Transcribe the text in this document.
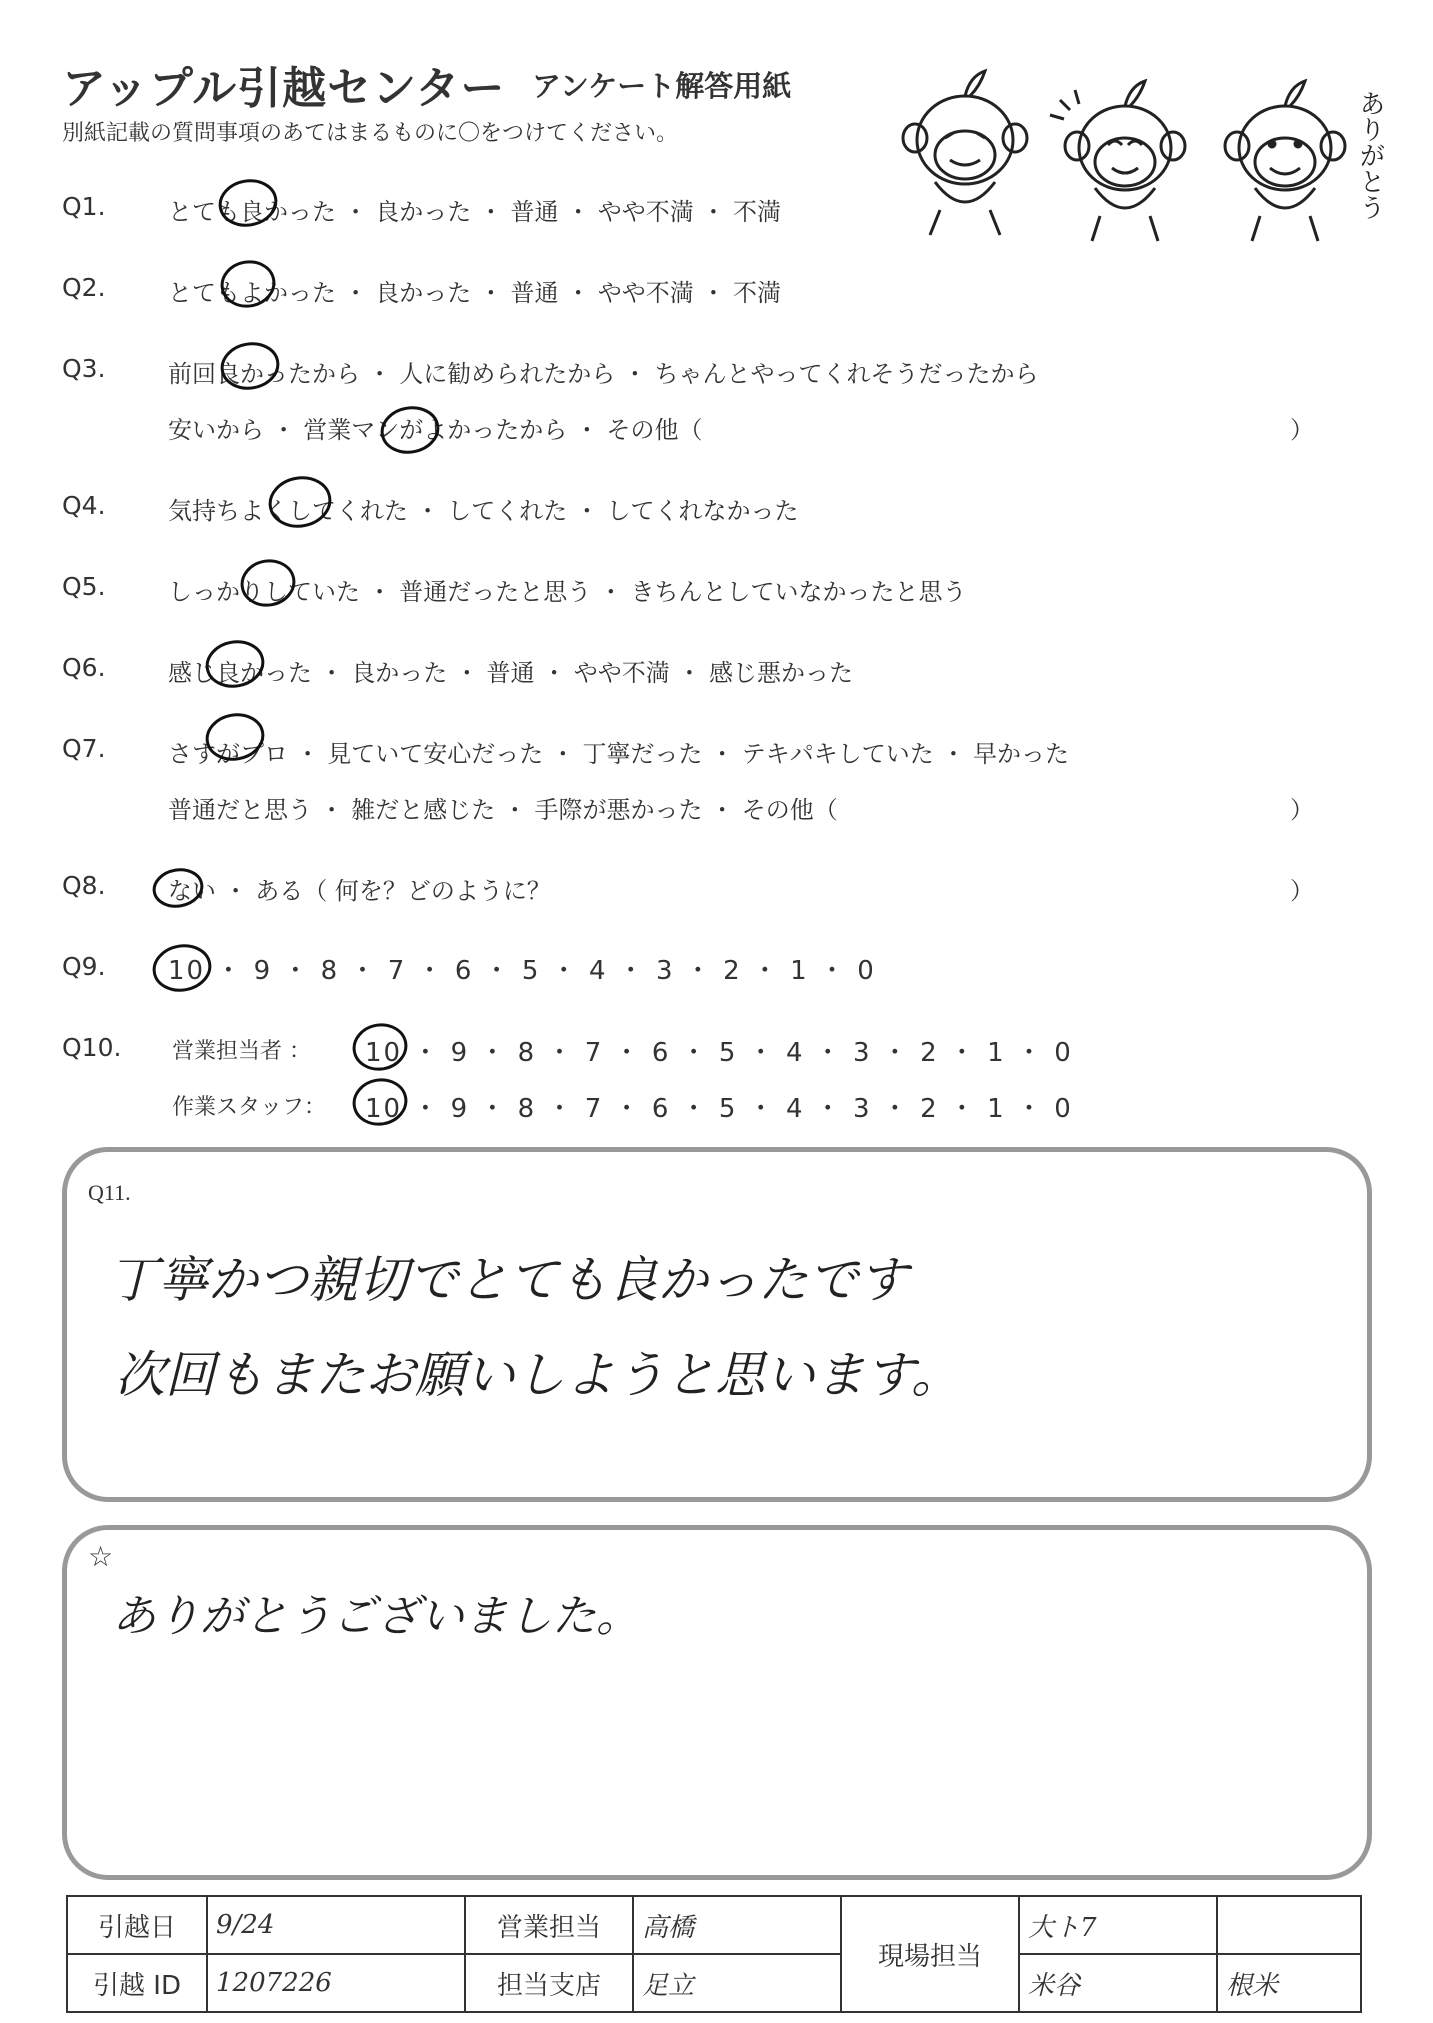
アップル引越センター アンケート解答用紙
別紙記載の質問事項のあてはまるものに〇をつけてください。	ありがとう
Q1.	とても良かった ・ 良かった ・ 普通 ・ やや不満 ・ 不満
Q2.	とてもよかった ・ 良かった ・ 普通 ・ やや不満 ・ 不満
Q3.	前回良かったから ・ 人に勧められたから ・ ちゃんとやってくれそうだったから
安いから ・ 営業マンがよかったから ・ その他（	）
Q4.	気持ちよくしてくれた ・ してくれた ・ してくれなかった
Q5.	しっかりしていた ・ 普通だったと思う ・ きちんとしていなかったと思う
Q6.	感じ良かった ・ 良かった ・ 普通 ・ やや不満 ・ 感じ悪かった
Q7.	さすがプロ ・ 見ていて安心だった ・ 丁寧だった ・ テキパキしていた ・ 早かった
普通だと思う ・ 雑だと感じた ・ 手際が悪かった ・ その他（	）
Q8.	ない ・ ある（ 何を？どのように？	）
Q9. 10 ・ 9 ・ 8 ・ 7 ・ 6 ・ 5 ・ 4 ・ 3 ・ 2 ・ 1 ・ 0
Q10. 営業担当者 ： 10 ・ 9 ・ 8 ・ 7 ・ 6 ・ 5 ・ 4 ・ 3 ・ 2 ・ 1 ・ 0
作業スタッフ： 10 ・ 9 ・ 8 ・ 7 ・ 6 ・ 5 ・ 4 ・ 3 ・ 2 ・ 1 ・ 0
Q11.
丁寧かつ親切でとても良かったです
次回もまたお願いしようと思います。
☆
ありがとうございました。
引越日	9/24	営業担当	高橋	現場担当	大ト7	
引越 ID	1207226	担当支店	足立		米谷	根米
